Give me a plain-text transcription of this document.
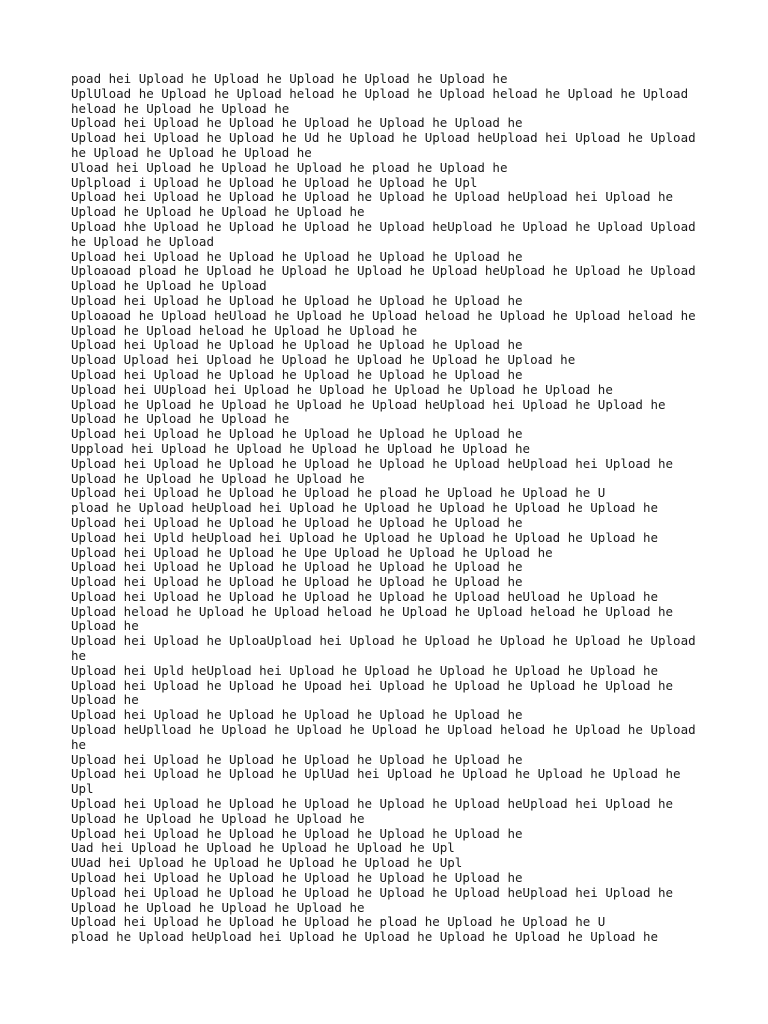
poad hei Upload he Upload he Upload he Upload he Upload he
UplUload he Upload he Upload heload he Upload he Upload heload he Upload he Upload
heload he Upload he Upload he
Upload hei Upload he Upload he Upload he Upload he Upload he
Upload hei Upload he Upload he Ud he Upload he Upload heUpload hei Upload he Upload
he Upload he Upload he Upload he
Uload hei Upload he Upload he Upload he pload he Upload he
Uplpload i Upload he Upload he Upload he Upload he Upl
Upload hei Upload he Upload he Upload he Upload he Upload heUpload hei Upload he
Upload he Upload he Upload he Upload he
Upload hhe Upload he Upload he Upload he Upload heUpload he Upload he Upload Upload
he Upload he Upload
Upload hei Upload he Upload he Upload he Upload he Upload he
Uploaoad pload he Upload he Upload he Upload he Upload heUpload he Upload he Upload
Upload he Upload he Upload
Upload hei Upload he Upload he Upload he Upload he Upload he
Uploaoad he Upload heUload he Upload he Upload heload he Upload he Upload heload he
Upload he Upload heload he Upload he Upload he
Upload hei Upload he Upload he Upload he Upload he Upload he
Upload Upload hei Upload he Upload he Upload he Upload he Upload he
Upload hei Upload he Upload he Upload he Upload he Upload he
Upload hei UUpload hei Upload he Upload he Upload he Upload he Upload he
Upload he Upload he Upload he Upload he Upload heUpload hei Upload he Upload he
Upload he Upload he Upload he
Upload hei Upload he Upload he Upload he Upload he Upload he
Uppload hei Upload he Upload he Upload he Upload he Upload he
Upload hei Upload he Upload he Upload he Upload he Upload heUpload hei Upload he
Upload he Upload he Upload he Upload he
Upload hei Upload he Upload he Upload he pload he Upload he Upload he U
pload he Upload heUpload hei Upload he Upload he Upload he Upload he Upload he
Upload hei Upload he Upload he Upload he Upload he Upload he
Upload hei Upld heUpload hei Upload he Upload he Upload he Upload he Upload he
Upload hei Upload he Upload he Upe Upload he Upload he Upload he
Upload hei Upload he Upload he Upload he Upload he Upload he
Upload hei Upload he Upload he Upload he Upload he Upload he
Upload hei Upload he Upload he Upload he Upload he Upload heUload he Upload he
Upload heload he Upload he Upload heload he Upload he Upload heload he Upload he
Upload he
Upload hei Upload he UploaUpload hei Upload he Upload he Upload he Upload he Upload
he
Upload hei Upld heUpload hei Upload he Upload he Upload he Upload he Upload he
Upload hei Upload he Upload he Upoad hei Upload he Upload he Upload he Upload he
Upload he
Upload hei Upload he Upload he Upload he Upload he Upload he
Upload heUplload he Upload he Upload he Upload he Upload heload he Upload he Upload
he
Upload hei Upload he Upload he Upload he Upload he Upload he
Upload hei Upload he Upload he UplUad hei Upload he Upload he Upload he Upload he
Upl
Upload hei Upload he Upload he Upload he Upload he Upload heUpload hei Upload he
Upload he Upload he Upload he Upload he
Upload hei Upload he Upload he Upload he Upload he Upload he
Uad hei Upload he Upload he Upload he Upload he Upl
UUad hei Upload he Upload he Upload he Upload he Upl
Upload hei Upload he Upload he Upload he Upload he Upload he
Upload hei Upload he Upload he Upload he Upload he Upload heUpload hei Upload he
Upload he Upload he Upload he Upload he
Upload hei Upload he Upload he Upload he pload he Upload he Upload he U
pload he Upload heUpload hei Upload he Upload he Upload he Upload he Upload he
